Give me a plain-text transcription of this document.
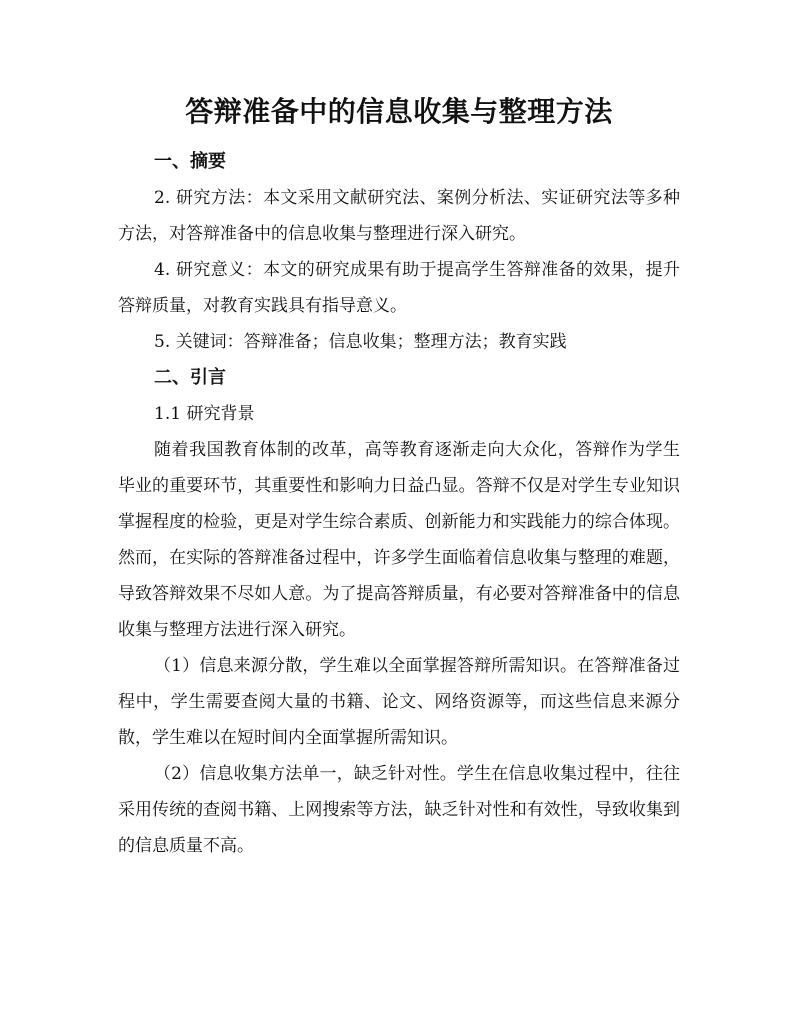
答辩准备中的信息收集与整理方法

一、摘要

2. 研究方法：本文采用文献研究法、案例分析法、实证研究法等多种方法，对答辩准备中的信息收集与整理进行深入研究。

4. 研究意义：本文的研究成果有助于提高学生答辩准备的效果，提升答辩质量，对教育实践具有指导意义。

5. 关键词：答辩准备；信息收集；整理方法；教育实践

二、引言

1.1 研究背景

随着我国教育体制的改革，高等教育逐渐走向大众化，答辩作为学生毕业的重要环节，其重要性和影响力日益凸显。答辩不仅是对学生专业知识掌握程度的检验，更是对学生综合素质、创新能力和实践能力的综合体现。然而，在实际的答辩准备过程中，许多学生面临着信息收集与整理的难题，导致答辩效果不尽如人意。为了提高答辩质量，有必要对答辩准备中的信息收集与整理方法进行深入研究。

（1）信息来源分散，学生难以全面掌握答辩所需知识。在答辩准备过程中，学生需要查阅大量的书籍、论文、网络资源等，而这些信息来源分散，学生难以在短时间内全面掌握所需知识。

（2）信息收集方法单一，缺乏针对性。学生在信息收集过程中，往往采用传统的查阅书籍、上网搜索等方法，缺乏针对性和有效性，导致收集到的信息质量不高。
